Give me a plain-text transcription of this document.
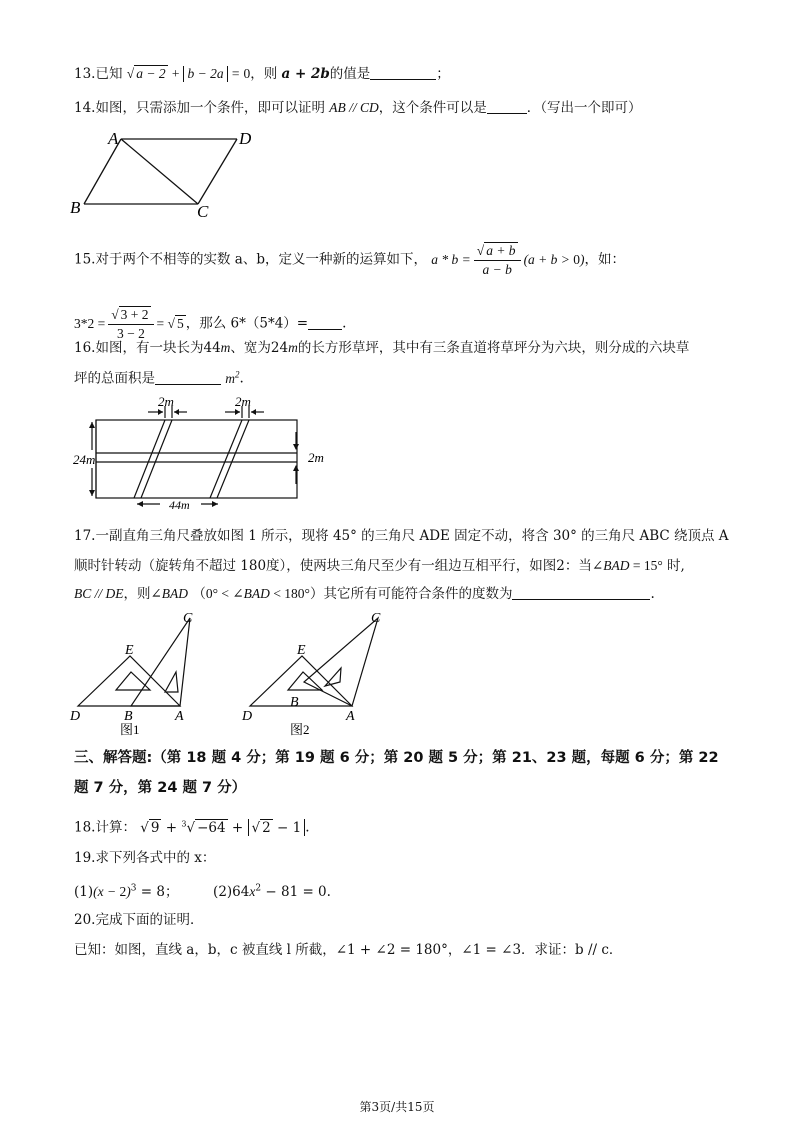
13.已知 √ a − 2 + b − 2a = 0，则 a + 2b的值是	；
14.如图，只需添加一个条件，即可以证明 AB // CD，这个条件可以是	．（写出一个即可）
A	D
B	C
15.对于两个不相等的实数 a、b，定义一种新的运算如下， $a * b = \frac{√ a + b}{a - b} (a + b > 0)$，如：
$3*2 = \frac{√ 3 + 2}{3 - 2}$ = √ 5 ，那么 6*（5*4）=	.
16.如图，有一块长为44m、宽为24m的长方形草坪，其中有三条直道将草坪分为六块，则分成的六块草
坪的总面积是	$m^2$.
2m	2m
2m
24m
44m
17.一副直角三角尺叠放如图 1 所示，现将 45° 的三角尺 ADE 固定不动，将含 30° 的三角尺 ABC 绕顶点 A
顺时针转动（旋转角不超过 180度），使两块三角尺至少有一组边互相平行，如图2：当∠BAD = 15° 时,
BC // DE，则∠BAD （0° < ∠BAD < 180°）其它所有可能符合条件的度数为	.
E
C
D	B	A
图1
E
C
D
B
A
图2
三、解答题:（第 18 题 4 分；第 19 题 6 分；第 20 题 5 分；第 21、23 题，每题 6 分；第 22
题 7 分，第 24 题 7 分）
18.计算： √ 9 + $^3$√ −64 + √ 2 − 1 .
19.求下列各式中的 x：
$(1)(x - 2)^3 = 8$；	$(2)64x^2 - 81 = 0$.
20.完成下面的证明．
已知：如图，直线 a，b，c 被直线 l 所截，∠1 + ∠2 = 180°，∠1 = ∠3．求证：b // c．
第3页/共15页
